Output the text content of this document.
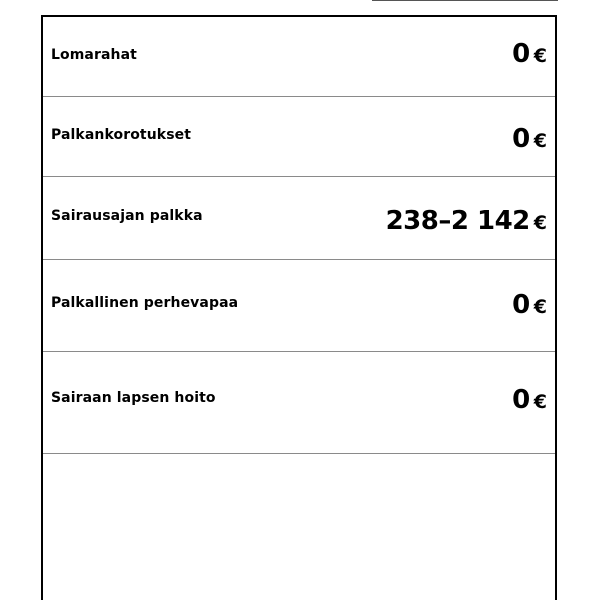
Lomarahat	0 €
Palkankorotukset	0 €
Sairausajan palkka	238–2 142 €
Palkallinen perhevapaa	0 €
Sairaan lapsen hoito	0 €
